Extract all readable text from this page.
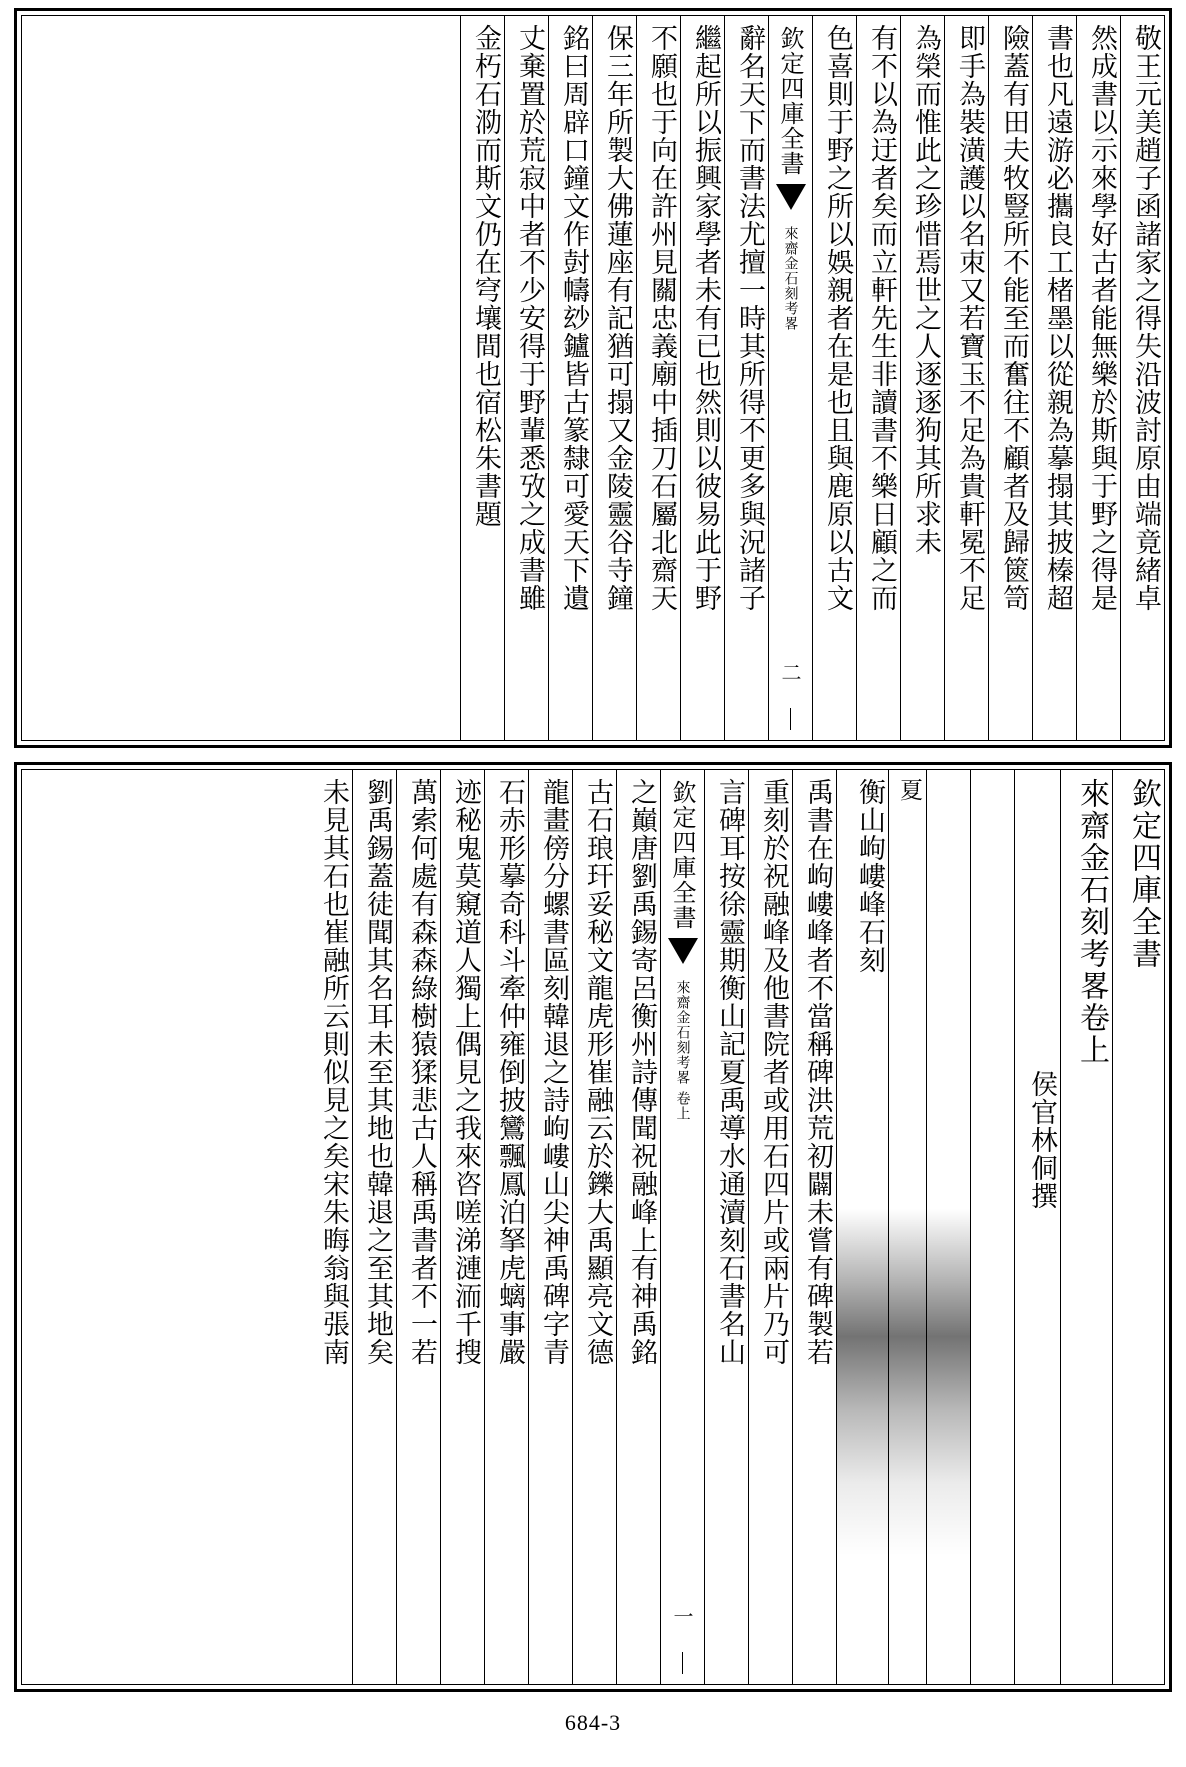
敬王元美趙子函諸家之得失沿波討原由端竟緒卓
然成書以示來學好古者能無樂於斯與于野之得是
書也凡遠游必攜良工楮墨以從親為摹搨其披榛超
險蓋有田夫牧豎所不能至而奮往不顧者及歸篋笥
即手為裝潢護以名朿又若寶玉不足為貴軒冕不足
為榮而惟此之珍惜焉世之人逐逐狗其所求未
有不以為迂者矣而立軒先生非讀書不樂日顧之而
色喜則于野之所以娛親者在是也且與鹿原以古文
欽定四庫全書
來齋金石刻考畧
二
辭名天下而書法尤擅一時其所得不更多與況諸子
繼起所以振興家學者未有已也然則以彼易此于野
不願也于向在許州見關忠義廟中插刀石屬北齋天
保三年所製大佛蓮座有記猶可搨又金陵靈谷寺鐘
銘曰周辟口鐘文作尌幬玅鑪皆古篆隸可愛天下遺
丈棄置於荒寂中者不少安得于野輩悉攷之成書雖
金朽石泐而斯文仍在穹壤間也宿松朱書題
欽定四庫全書
來齋金石刻考畧卷上
侯官林侗撰
夏
衡山岣嶁峰石刻
禹書在岣嶁峰者不當稱碑洪荒初闢未嘗有碑製若
重刻於祝融峰及他書院者或用石四片或兩片乃可
言碑耳按徐靈期衡山記夏禹導水通瀆刻石書名山
欽定四庫全書
來齋金石刻考畧
卷上
一
之巔唐劉禹錫寄呂衡州詩傳聞祝融峰上有神禹銘
古石琅玕妥秘文龍虎形崔融云於鑠大禹顯亮文德
龍畫傍分螺書區刻韓退之詩岣嶁山尖神禹碑字青
石赤形摹奇科斗牽仲雍倒披鸞飄鳳泊拏虎螭事嚴
迹秘鬼莫窺道人獨上偶見之我來咨嗟涕漣洏千搜
萬索何處有森森綠樹猿猱悲古人稱禹書者不一若
劉禹錫蓋徒聞其名耳未至其地也韓退之至其地矣
未見其石也崔融所云則似見之矣宋朱晦翁與張南
684-3
